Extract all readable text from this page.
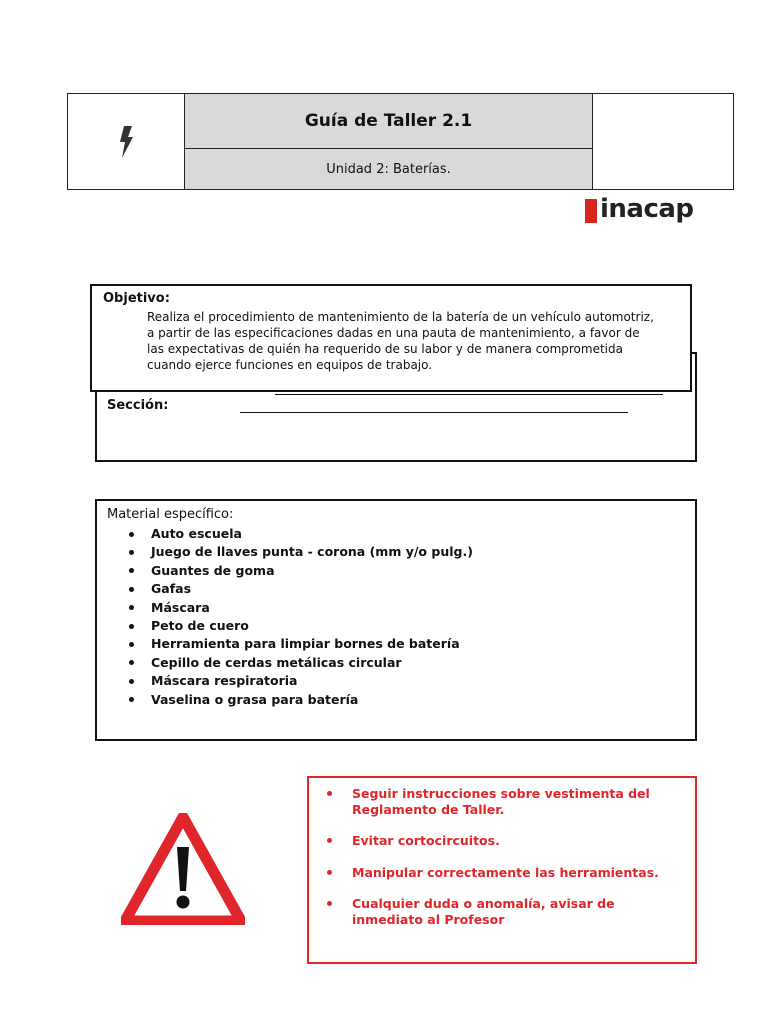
Guía de Taller 2.1
Unidad 2: Baterías.
inacap
Sección:
Objetivo:
Realiza el procedimiento de mantenimiento de la batería de un vehículo automotriz,
a partir de las especificaciones dadas en una pauta de mantenimiento, a favor de
las expectativas de quién ha requerido de su labor y de manera comprometida
cuando ejerce funciones en equipos de trabajo.
Material específico:
Auto escuela
Juego de llaves punta - corona (mm y/o pulg.)
Guantes de goma
Gafas
Máscara
Peto de cuero
Herramienta para limpiar bornes de batería
Cepillo de cerdas metálicas circular
Máscara respiratoria
Vaselina o grasa para batería
Seguir instrucciones sobre vestimenta del Reglamento de Taller.
Evitar cortocircuitos.
Manipular correctamente las herramientas.
Cualquier duda o anomalía, avisar de inmediato al Profesor
